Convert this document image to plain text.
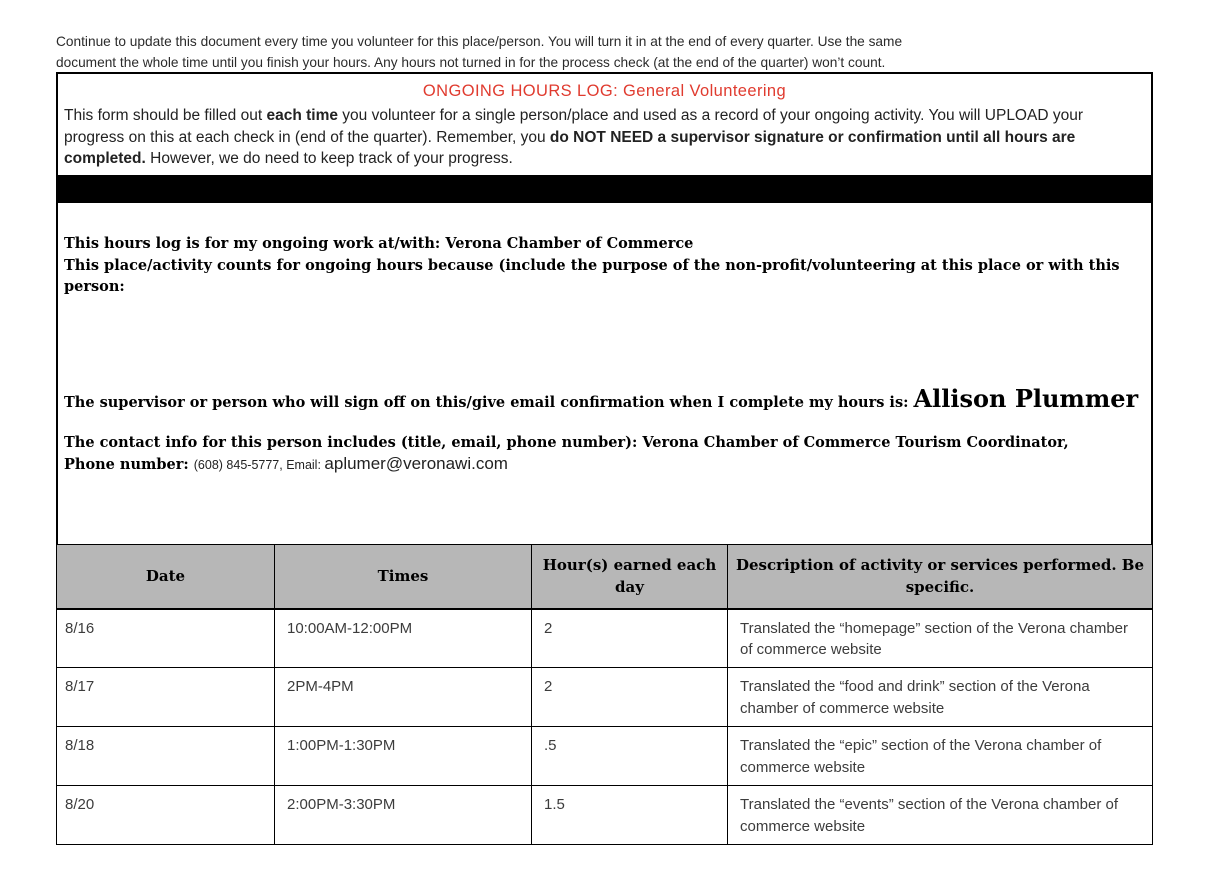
Continue to update this document every time you volunteer for this place/person. You will turn it in at the end of every quarter. Use the same
document the whole time until you finish your hours. Any hours not turned in for the process check (at the end of the quarter) won’t count.
ONGOING HOURS LOG: General Volunteering
This form should be filled out each time you volunteer for a single person/place and used as a record of your ongoing activity. You will UPLOAD your progress on this at each check in (end of the quarter). Remember, you do NOT NEED a supervisor signature or confirmation until all hours are completed. However, we do need to keep track of your progress.

This hours log is for my ongoing work at/with: Verona Chamber of Commerce

This place/activity counts for ongoing hours because (include the purpose of the non-profit/volunteering at this place or with this person:

The supervisor or person who will sign off on this/give email confirmation when I complete my hours is: Allison Plummer
The contact info for this person includes (title, email, phone number): Verona Chamber of Commerce Tourism Coordinator,
Phone number: (608) 845-5777, Email: aplumer@veronawi.com
Date	Times	Hour(s) earned each day	Description of activity or services performed. Be specific.
8/16	10:00AM-12:00PM	2	Translated the “homepage” section of the Verona chamber of commerce website
8/17	2PM-4PM	2	Translated the “food and drink” section of the Verona chamber of commerce website
8/18	1:00PM-1:30PM	.5	Translated the “epic” section of the Verona chamber of commerce website
8/20	2:00PM-3:30PM	1.5	Translated the “events” section of the Verona chamber of commerce website
